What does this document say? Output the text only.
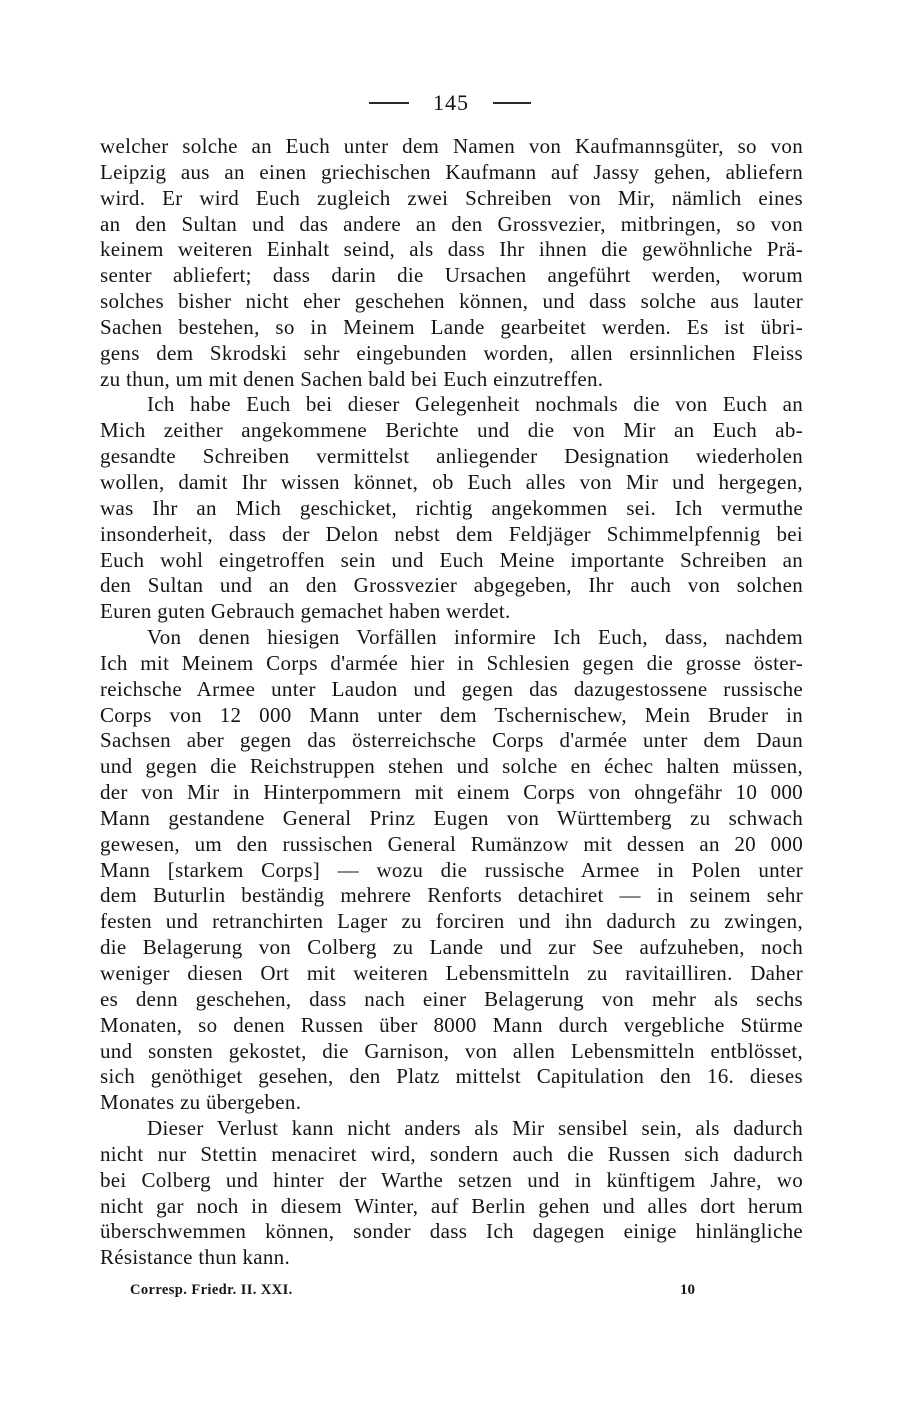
145
welcher solche an Euch unter dem Namen von Kaufmannsgüter, so von
Leipzig aus an einen griechischen Kaufmann auf Jassy gehen, abliefern
wird. Er wird Euch zugleich zwei Schreiben von Mir, nämlich eines
an den Sultan und das andere an den Grossvezier, mitbringen, so von
keinem weiteren Einhalt seind, als dass Ihr ihnen die gewöhnliche Prä-
senter abliefert; dass darin die Ursachen angeführt werden, worum
solches bisher nicht eher geschehen können, und dass solche aus lauter
Sachen bestehen, so in Meinem Lande gearbeitet werden. Es ist übri-
gens dem Skrodski sehr eingebunden worden, allen ersinnlichen Fleiss
zu thun, um mit denen Sachen bald bei Euch einzutreffen.
Ich habe Euch bei dieser Gelegenheit nochmals die von Euch an
Mich zeither angekommene Berichte und die von Mir an Euch ab-
gesandte Schreiben vermittelst anliegender Designation wiederholen
wollen, damit Ihr wissen könnet, ob Euch alles von Mir und hergegen,
was Ihr an Mich geschicket, richtig angekommen sei. Ich vermuthe
insonderheit, dass der Delon nebst dem Feldjäger Schimmelpfennig bei
Euch wohl eingetroffen sein und Euch Meine importante Schreiben an
den Sultan und an den Grossvezier abgegeben, Ihr auch von solchen
Euren guten Gebrauch gemachet haben werdet.
Von denen hiesigen Vorfällen informire Ich Euch, dass, nachdem
Ich mit Meinem Corps d'armée hier in Schlesien gegen die grosse öster-
reichsche Armee unter Laudon und gegen das dazugestossene russische
Corps von 12 000 Mann unter dem Tschernischew, Mein Bruder in
Sachsen aber gegen das österreichsche Corps d'armée unter dem Daun
und gegen die Reichstruppen stehen und solche en échec halten müssen,
der von Mir in Hinterpommern mit einem Corps von ohngefähr 10 000
Mann gestandene General Prinz Eugen von Württemberg zu schwach
gewesen, um den russischen General Rumänzow mit dessen an 20 000
Mann [starkem Corps] — wozu die russische Armee in Polen unter
dem Buturlin beständig mehrere Renforts detachiret — in seinem sehr
festen und retranchirten Lager zu forciren und ihn dadurch zu zwingen,
die Belagerung von Colberg zu Lande und zur See aufzuheben, noch
weniger diesen Ort mit weiteren Lebensmitteln zu ravitailliren. Daher
es denn geschehen, dass nach einer Belagerung von mehr als sechs
Monaten, so denen Russen über 8000 Mann durch vergebliche Stürme
und sonsten gekostet, die Garnison, von allen Lebensmitteln entblösset,
sich genöthiget gesehen, den Platz mittelst Capitulation den 16. dieses
Monates zu übergeben.
Dieser Verlust kann nicht anders als Mir sensibel sein, als dadurch
nicht nur Stettin menaciret wird, sondern auch die Russen sich dadurch
bei Colberg und hinter der Warthe setzen und in künftigem Jahre, wo
nicht gar noch in diesem Winter, auf Berlin gehen und alles dort herum
überschwemmen können, sonder dass Ich dagegen einige hinlängliche
Résistance thun kann.
Corresp. Friedr. II. XXI.	10
